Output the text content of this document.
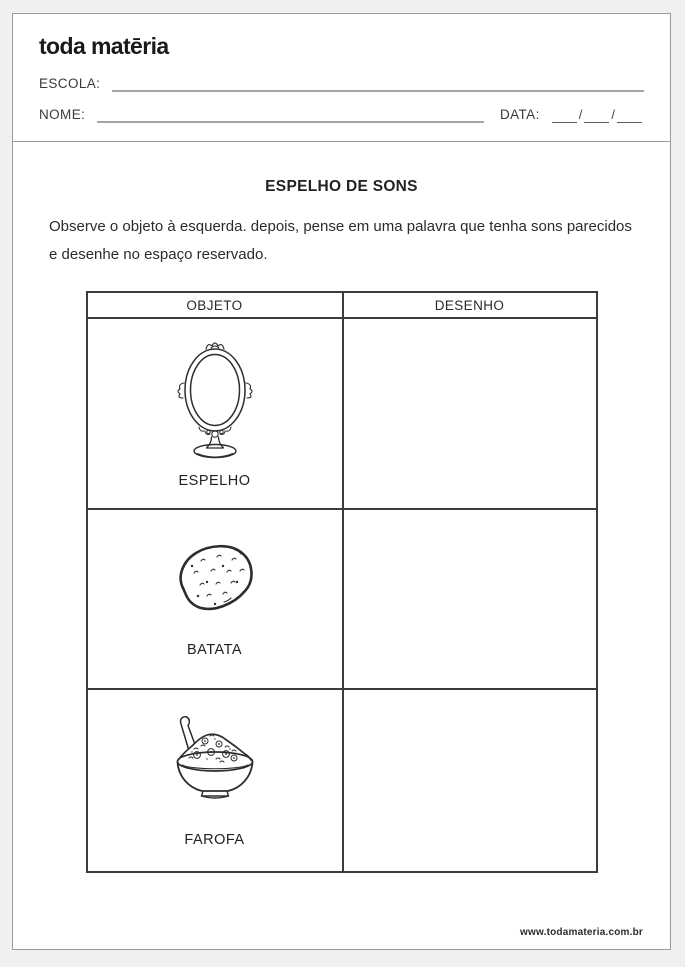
toda matēria
ESCOLA:
NOME:	DATA:	/ /
ESPELHO DE SONS

Observe o objeto à esquerda. depois, pense em uma palavra que tenha sons parecidos e desenhe no espaço reservado.

OBJETO	DESENHO
ESPELHO
BATATA
FAROFA
www.todamateria.com.br
